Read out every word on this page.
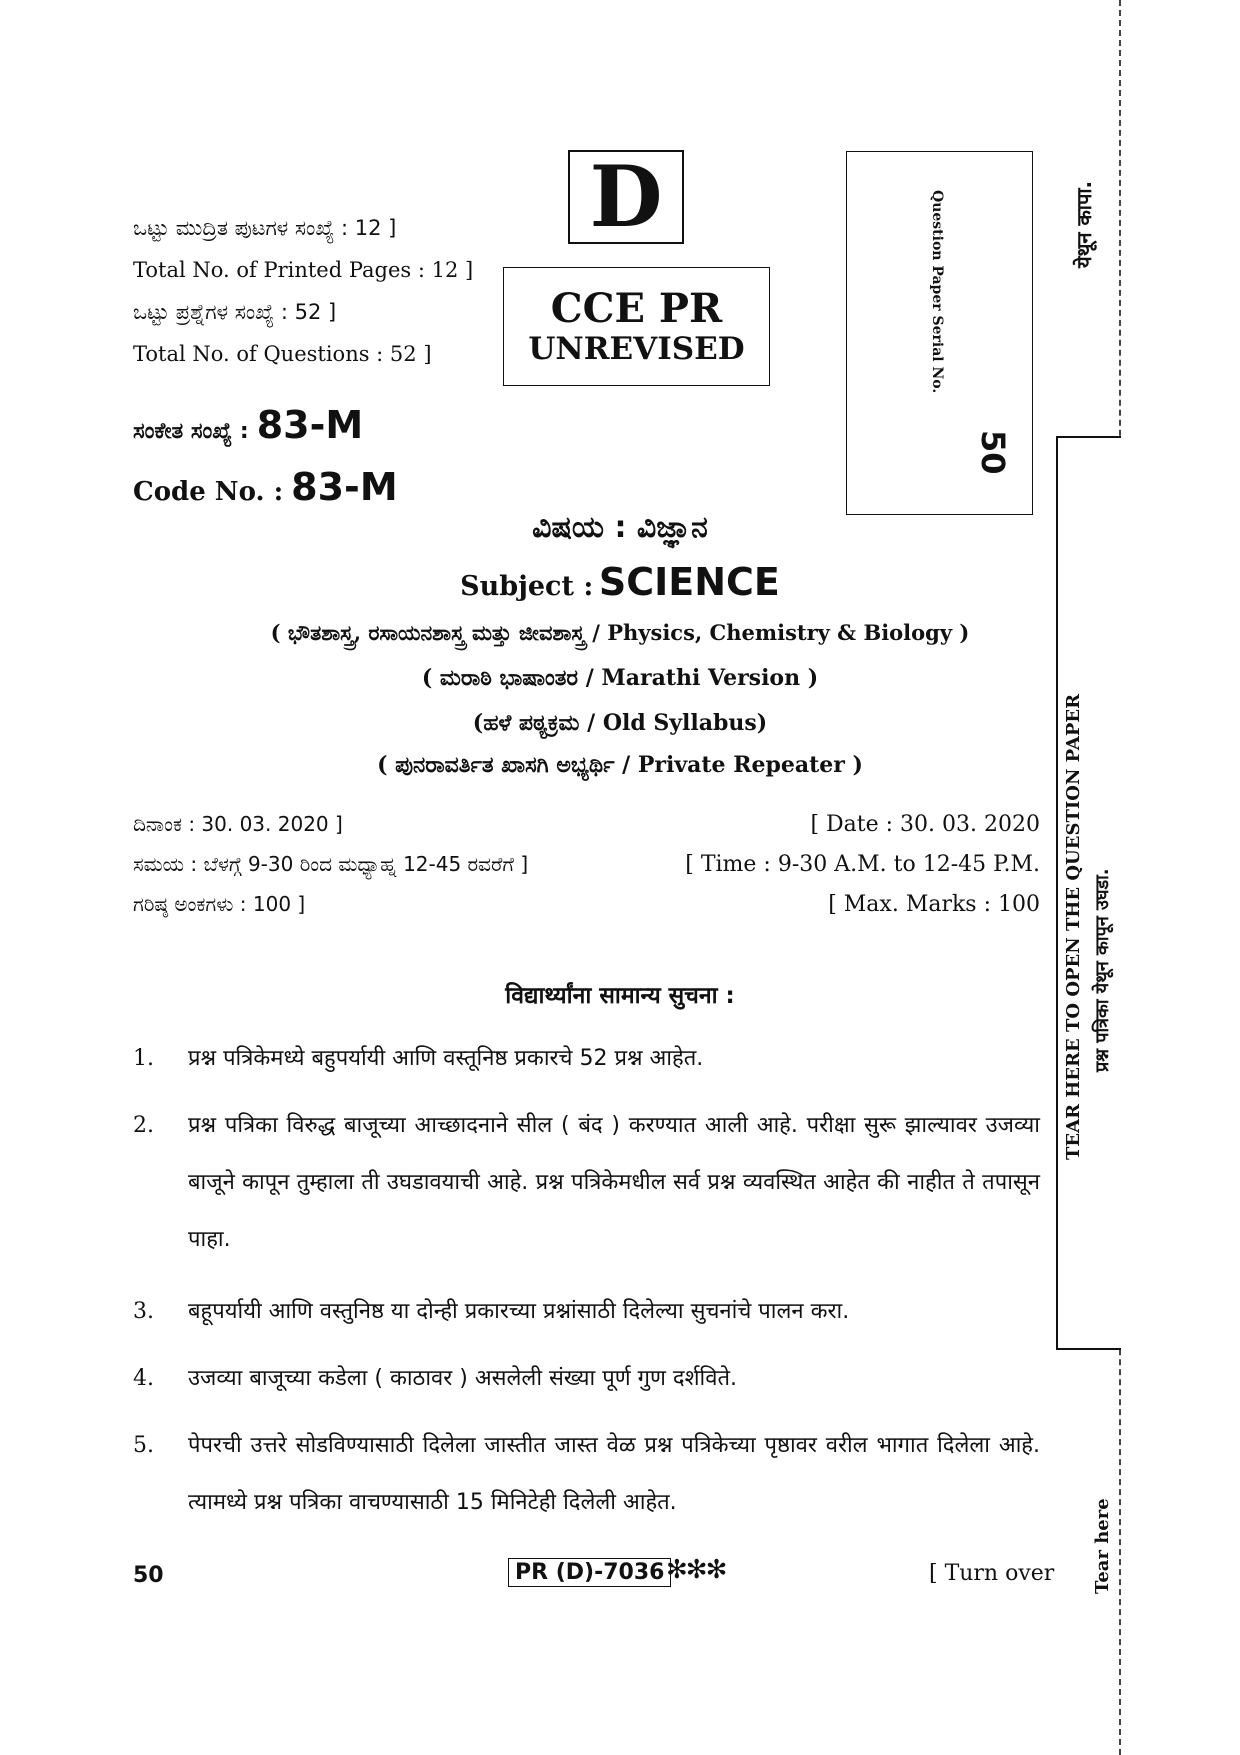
येथून कापा.
TEAR HERE TO OPEN THE QUESTION PAPER प्रश्न पत्रिका येथून कापून उघडा.
Tear here
ಒಟ್ಟು ಮುದ್ರಿತ ಪುಟಗಳ ಸಂಖ್ಯೆ : 12 ]
Total No. of Printed Pages : 12 ]
ಒಟ್ಟು ಪ್ರಶ್ನೆಗಳ ಸಂಖ್ಯೆ : 52 ]
Total No. of Questions : 52 ]
ಸಂಕೇತ ಸಂಖ್ಯೆ : 83-M
Code No. : 83-M
D
CCE PR
UNREVISED	Question Paper Serial No.
50
ವಿಷಯ : ವಿಜ್ಞಾನ
Subject : SCIENCE
( ಭೌತಶಾಸ್ತ್ರ, ರಸಾಯನಶಾಸ್ತ್ರ ಮತ್ತು ಜೀವಶಾಸ್ತ್ರ / Physics, Chemistry & Biology )
( ಮರಾಠಿ ಭಾಷಾಂತರ / Marathi Version )
(ಹಳೆ ಪಠ್ಯಕ್ರಮ / Old Syllabus)
( ಪುನರಾವರ್ತಿತ ಖಾಸಗಿ ಅಭ್ಯರ್ಥಿ / Private Repeater )
ದಿನಾಂಕ : 30. 03. 2020 ]	[ Date : 30. 03. 2020
ಸಮಯ : ಬೆಳಗ್ಗೆ 9-30 ರಿಂದ ಮಧ್ಯಾಹ್ನ 12-45 ರವರೆಗೆ ]	[ Time : 9-30 A.M. to 12-45 P.M.
ಗರಿಷ್ಠ ಅಂಕಗಳು : 100 ]	[ Max. Marks : 100
विद्यार्थ्यांना सामान्य सुचना :
1.	प्रश्न पत्रिकेमध्ये बहुपर्यायी आणि वस्तूनिष्ठ प्रकारचे 52 प्रश्न आहेत.
2.	प्रश्न पत्रिका विरुद्ध बाजूच्या आच्छादनाने सील ( बंद ) करण्यात आली आहे. परीक्षा सुरू झाल्यावर उजव्या बाजूने कापून तुम्हाला ती उघडावयाची आहे. प्रश्न पत्रिकेमधील सर्व प्रश्न व्यवस्थित आहेत की नाहीत ते तपासून पाहा.
3.	बहूपर्यायी आणि वस्तुनिष्ठ या दोन्ही प्रकारच्या प्रश्नांसाठी दिलेल्या सुचनांचे पालन करा.
4.	उजव्या बाजूच्या कडेला ( काठावर ) असलेली संख्या पूर्ण गुण दर्शविते.
5.	पेपरची उत्तरे सोडविण्यासाठी दिलेला जास्तीत जास्त वेळ प्रश्न पत्रिकेच्या पृष्ठावर वरील भागात दिलेला आहे. त्यामध्ये प्रश्न पत्रिका वाचण्यासाठी 15 मिनिटेही दिलेली आहेत.
50	PR (D)-7036 ✻✻✻	[ Turn over
